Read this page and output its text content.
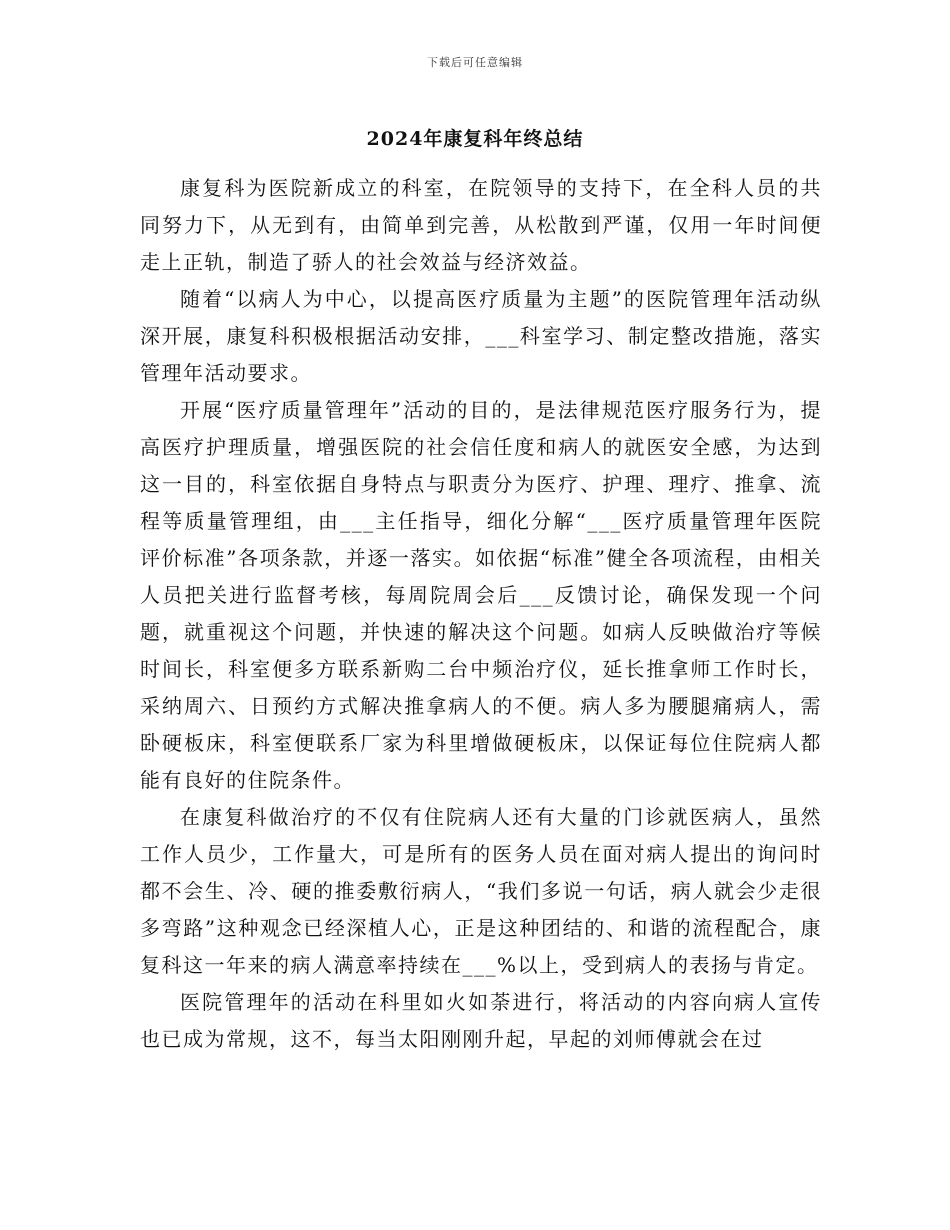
下载后可任意编辑
2024年康复科年终总结

康复科为医院新成立的科室，在院领导的支持下，在全科人员的共同努力下，从无到有，由简单到完善，从松散到严谨，仅用一年时间便走上正轨，制造了骄人的社会效益与经济效益。

随着“以病人为中心，以提高医疗质量为主题”的医院管理年活动纵深开展，康复科积极根据活动安排，___科室学习、制定整改措施，落实管理年活动要求。

开展“医疗质量管理年”活动的目的，是法律规范医疗服务行为，提高医疗护理质量，增强医院的社会信任度和病人的就医安全感，为达到这一目的，科室依据自身特点与职责分为医疗、护理、理疗、推拿、流程等质量管理组，由___主任指导，细化分解“___医疗质量管理年医院评价标准”各项条款，并逐一落实。如依据“标准”健全各项流程，由相关人员把关进行监督考核，每周院周会后___反馈讨论，确保发现一个问题，就重视这个问题，并快速的解决这个问题。如病人反映做治疗等候时间长，科室便多方联系新购二台中频治疗仪，延长推拿师工作时长，采纳周六、日预约方式解决推拿病人的不便。病人多为腰腿痛病人，需卧硬板床，科室便联系厂家为科里增做硬板床，以保证每位住院病人都能有良好的住院条件。

在康复科做治疗的不仅有住院病人还有大量的门诊就医病人，虽然工作人员少，工作量大，可是所有的医务人员在面对病人提出的询问时都不会生、冷、硬的推委敷衍病人，“我们多说一句话，病人就会少走很多弯路”这种观念已经深植人心，正是这种团结的、和谐的流程配合，康复科这一年来的病人满意率持续在___%以上，受到病人的表扬与肯定。

医院管理年的活动在科里如火如荼进行，将活动的内容向病人宣传也已成为常规，这不，每当太阳刚刚升起，早起的刘师傅就会在过
